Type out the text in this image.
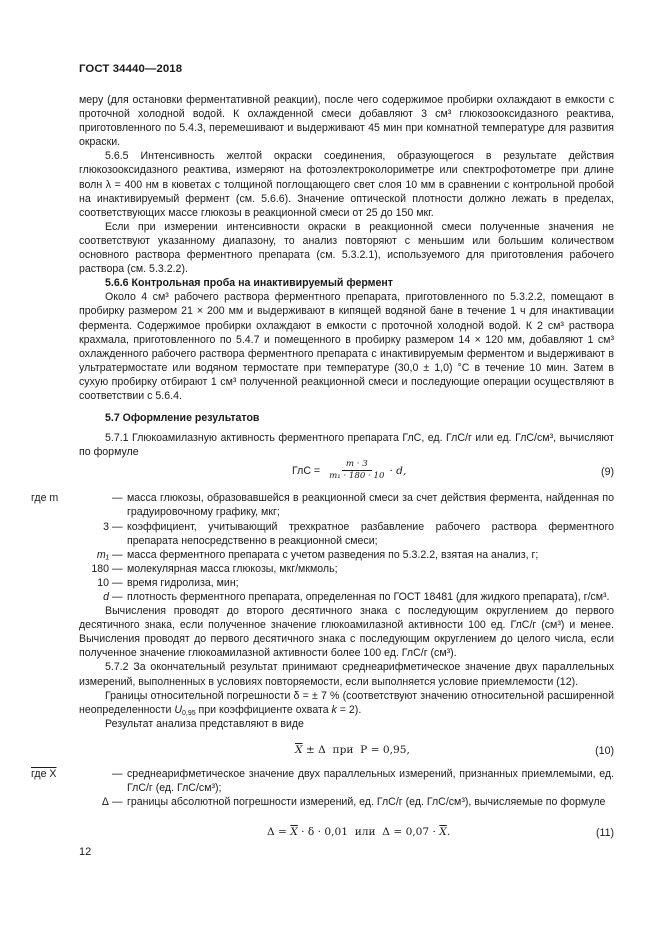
ГОСТ 34440—2018

меру (для остановки ферментативной реакции), после чего содержимое пробирки охлаждают в емкости с проточной холодной водой. К охлажденной смеси добавляют 3 см³ глюкозооксидазного реактива, приготовленного по 5.4.3, перемешивают и выдерживают 45 мин при комнатной температуре для развития окраски.

5.6.5 Интенсивность желтой окраски соединения, образующегося в результате действия глюкозооксидазного реактива, измеряют на фотоэлектроколориметре или спектрофотометре при длине волн λ = 400 нм в кюветах с толщиной поглощающего свет слоя 10 мм в сравнении с контрольной пробой на инактивируемый фермент (см. 5.6.6). Значение оптической плотности должно лежать в пределах, соответствующих массе глюкозы в реакционной смеси от 25 до 150 мкг.

Если при измерении интенсивности окраски в реакционной смеси полученные значения не соответствуют указанному диапазону, то анализ повторяют с меньшим или большим количеством основного раствора ферментного препарата (см. 5.3.2.1), используемого для приготовления рабочего раствора (см. 5.3.2.2).

5.6.6 Контрольная проба на инактивируемый фермент

Около 4 см³ рабочего раствора ферментного препарата, приготовленного по 5.3.2.2, помещают в пробирку размером 21 × 200 мм и выдерживают в кипящей водяной бане в течение 1 ч для инактивации фермента. Содержимое пробирки охлаждают в емкости с проточной холодной водой. К 2 см³ раствора крахмала, приготовленного по 5.4.7 и помещенного в пробирку размером 14 × 120 мм, добавляют 1 см³ охлажденного рабочего раствора ферментного препарата с инактивируемым ферментом и выдерживают в ультратермостате или водяном термостате при температуре (30,0 ± 1,0) °С в течение 10 мин. Затем в сухую пробирку отбирают 1 см³ полученной реакционной смеси и последующие операции осуществляют в соответствии с 5.6.4.

5.7 Оформление результатов

5.7.1 Глюкоамилазную активность ферментного препарата ГлС, ед. ГлС/г или ед. ГлС/см³, вычисляют по формуле

ГлС = $\frac{m \cdot 3}{\text{m₁ · 180 · 10}} \cdot d$,	(9)
где m	— масса глюкозы, образовавшейся в реакционной смеси за счет действия фермента, найденная по градуировочному графику, мкг;
3 — коэффициент, учитывающий трехкратное разбавление рабочего раствора ферментного препарата непосредственно в реакционной смеси;
m₁ — масса ферментного препарата с учетом разведения по 5.3.2.2, взятая на анализ, г;
180 — молекулярная масса глюкозы, мкг/мкмоль;
10 — время гидролиза, мин;
d — плотность ферментного препарата, определенная по ГОСТ 18481 (для жидкого препарата), г/см³.

Вычисления проводят до второго десятичного знака с последующим округлением до первого десятичного знака, если полученное значение глюкоамилазной активности 100 ед. ГлС/г (см³) и менее. Вычисления проводят до первого десятичного знака с последующим округлением до целого числа, если полученное значение глюкоамилазной активности более 100 ед. ГлС/г (см³).

5.7.2 За окончательный результат принимают среднеарифметическое значение двух параллельных измерений, выполненных в условиях повторяемости, если выполняется условие приемлемости (12).

Границы относительной погрешности δ = ± 7 % (соответствуют значению относительной расширенной неопределенности $U_{0,95}$ при коэффициенте охвата k = 2).

Результат анализа представляют в виде

$\overline{X} \pm \Delta$  при  P = 0,95,	(10)
где X	— среднеарифметическое значение двух параллельных измерений, признанных приемлемыми, ед. ГлС/г (ед. ГлС/см³);
Δ — границы абсолютной погрешности измерений, ед. ГлС/г (ед. ГлС/см³), вычисляемые по формуле
$\Delta = \overline{X} \cdot \delta \cdot 0,01$  или  $\Delta = 0,07 \cdot \overline{X}$ .	(11)
12
